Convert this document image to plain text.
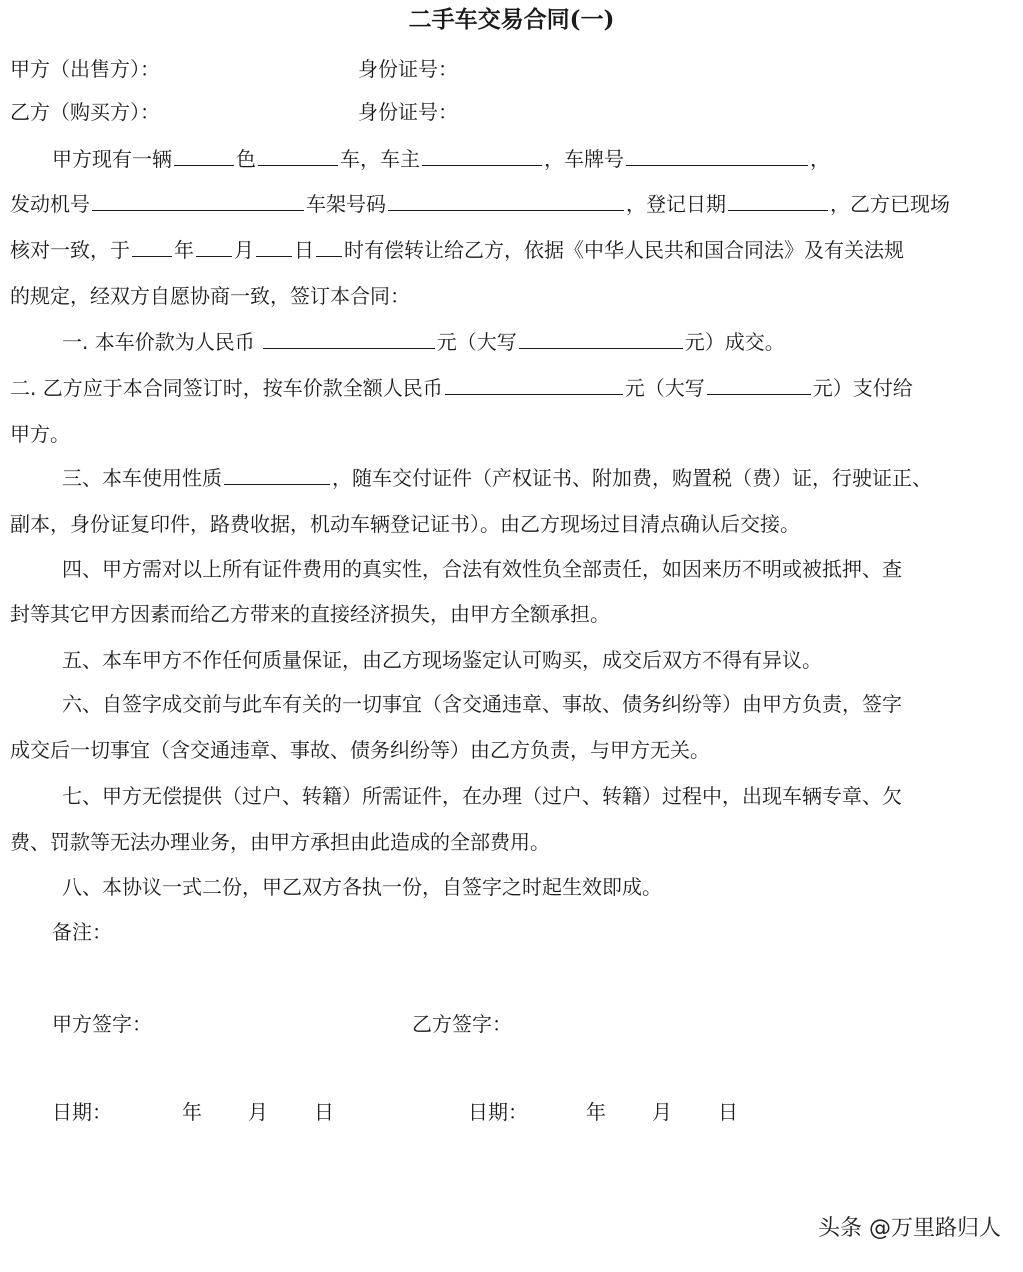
二手车交易合同(一)
甲方（出售方）：	身份证号：
乙方（购买方）：	身份证号：
甲方现有一辆	色	车，车主	，车牌号	，
发动机号	车架号码	，登记日期	，乙方已现场
核对一致，于 年 月 日 时有偿转让给乙方，依据《中华人民共和国合同法》及有关法规
的规定，经双方自愿协商一致，签订本合同：
一. 本车价款为人民币	元（大写	元）成交。
二. 乙方应于本合同签订时，按车价款全额人民币	元（大写	元）支付给
甲方。
三、本车使用性质	，随车交付证件（产权证书、附加费，购置税（费）证，行驶证正、
副本，身份证复印件，路费收据，机动车辆登记证书）。由乙方现场过目清点确认后交接。
四、甲方需对以上所有证件费用的真实性，合法有效性负全部责任，如因来历不明或被抵押、查
封等其它甲方因素而给乙方带来的直接经济损失，由甲方全额承担。
五、本车甲方不作任何质量保证，由乙方现场鉴定认可购买，成交后双方不得有异议。
六、自签字成交前与此车有关的一切事宜（含交通违章、事故、债务纠纷等）由甲方负责，签字
成交后一切事宜（含交通违章、事故、债务纠纷等）由乙方负责，与甲方无关。
七、甲方无偿提供（过户、转籍）所需证件，在办理（过户、转籍）过程中，出现车辆专章、欠
费、罚款等无法办理业务，由甲方承担由此造成的全部费用。
八、本协议一式二份，甲乙双方各执一份，自签字之时起生效即成。
备注：
甲方签字：	乙方签字：
日期：	年 月 日	日期：	年 月 日
头条 @万里路归人
